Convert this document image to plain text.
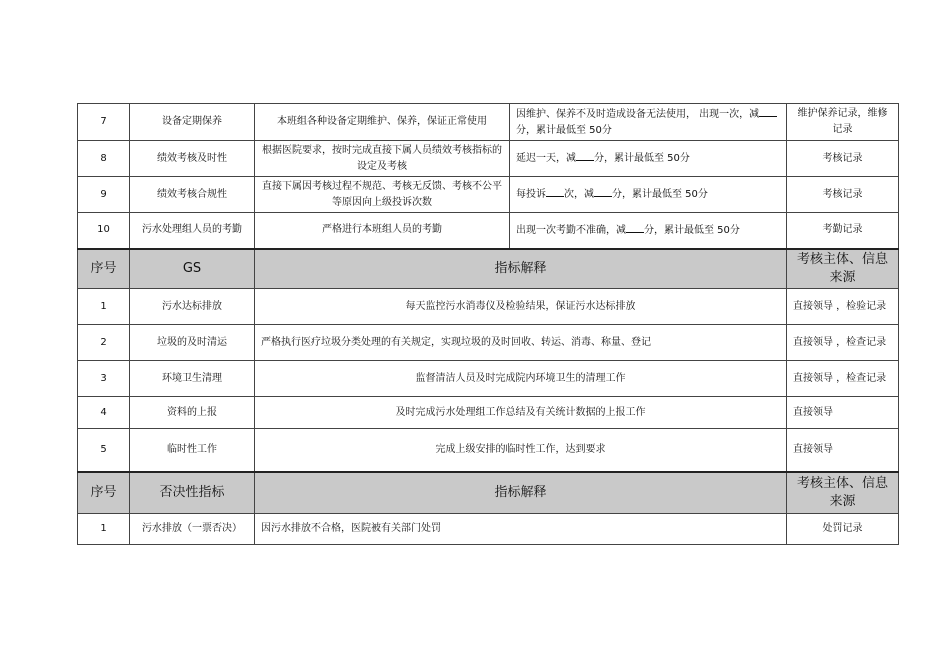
7	设备定期保养	本班组各种设备定期维护、保养，保证正常使用	因维护、保养不及时造成设备无法使用， 出现一次，减分，累计最低至 50分	维护保养记录，维修记录
8	绩效考核及时性	根据医院要求，按时完成直接下属人员绩效考核指标的设定及考核	延迟一天，减 分，累计最低至 50分	考核记录
9	绩效考核合规性	直接下属因考核过程不规范、考核无反馈、考核不公平等原因向上级投诉次数	每投诉 次，减 分，累计最低至 50分	考核记录
10	污水处理组人员的考勤	严格进行本班组人员的考勤	出现一次考勤不准确，减 分，累计最低至 50分	考勤记录
序号	GS	指标解释		考核主体、信息来源
1	污水达标排放	每天监控污水消毒仪及检验结果，保证污水达标排放		直接领导 ，检验记录
2	垃圾的及时清运	严格执行医疗垃圾分类处理的有关规定，实现垃圾的及时回收、转运、消毒、称量、登记		直接领导 ，检查记录
3	环境卫生清理	监督清洁人员及时完成院内环境卫生的清理工作		直接领导 ，检查记录
4	资料的上报	及时完成污水处理组工作总结及有关统计数据的上报工作		直接领导
5	临时性工作	完成上级安排的临时性工作，达到要求		直接领导
序号	否决性指标	指标解释		考核主体、信息来源
1	污水排放（一票否决）	因污水排放不合格，医院被有关部门处罚		处罚记录
